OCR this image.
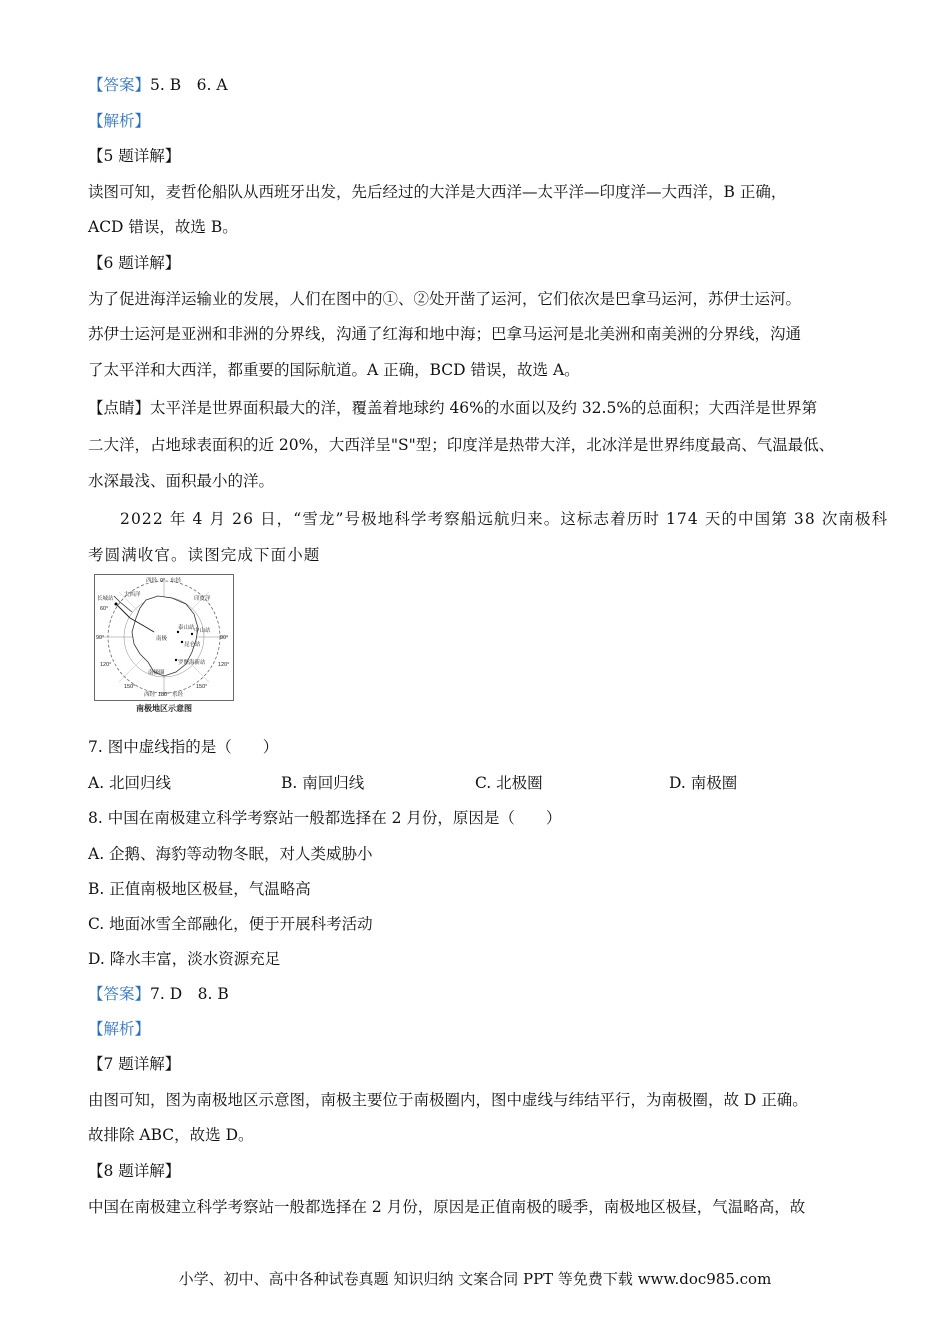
【答案】5. B　6. A
【解析】
【5 题详解】
读图可知，麦哲伦船队从西班牙出发，先后经过的大洋是大西洋—太平洋—印度洋—大西洋，B 正确，
ACD 错误，故选 B。
【6 题详解】
为了促进海洋运输业的发展，人们在图中的①、②处开凿了运河，它们依次是巴拿马运河，苏伊士运河。
苏伊士运河是亚洲和非洲的分界线，沟通了红海和地中海；巴拿马运河是北美洲和南美洲的分界线，沟通
了太平洋和大西洋，都重要的国际航道。A 正确，BCD 错误，故选 A。
【点睛】太平洋是世界面积最大的洋，覆盖着地球约 46%的水面以及约 32.5%的总面积；大西洋是世界第
二大洋，占地球表面积的近 20%，大西洋呈"S"型；印度洋是热带大洋，北冰洋是世界纬度最高、气温最低、
水深最浅、面积最小的洋。
2022 年 4 月 26 日，“雪龙”号极地科学考察船远航归来。这标志着历时 174 天的中国第 38 次南极科
考圆满收官。读图完成下面小题
7. 图中虚线指的是（　　）
8. 中国在南极建立科学考察站一般都选择在 2 月份，原因是（　　）
A. 企鹅、海豹等动物冬眠，对人类威胁小
B. 正值南极地区极昼，气温略高
C. 地面冰雪全部融化，便于开展科考活动
D. 降水丰富，淡水资源充足
【答案】7. D　8. B
【解析】
【7 题详解】
由图可知，图为南极地区示意图，南极主要位于南极圈内，图中虚线与纬结平行，为南极圈，故 D 正确。
故排除 ABC，故选 D。
【8 题详解】
中国在南极建立科学考察站一般都选择在 2 月份，原因是正值南极的暖季，南极地区极昼，气温略高，故
A. 北回归线	B. 南回归线	C. 北极圈	D. 南极圈
西经 0° 东经
大西洋
印度洋
长城站
60°
90°	90°
南极
泰山站 中山站
昆仑站
罗斯海新站
120°	120°
150°	150°
南极圈
西经 180° 东经
南极地区示意图
小学、初中、高中各种试卷真题 知识归纳 文案合同 PPT 等免费下载 www.doc985.com
